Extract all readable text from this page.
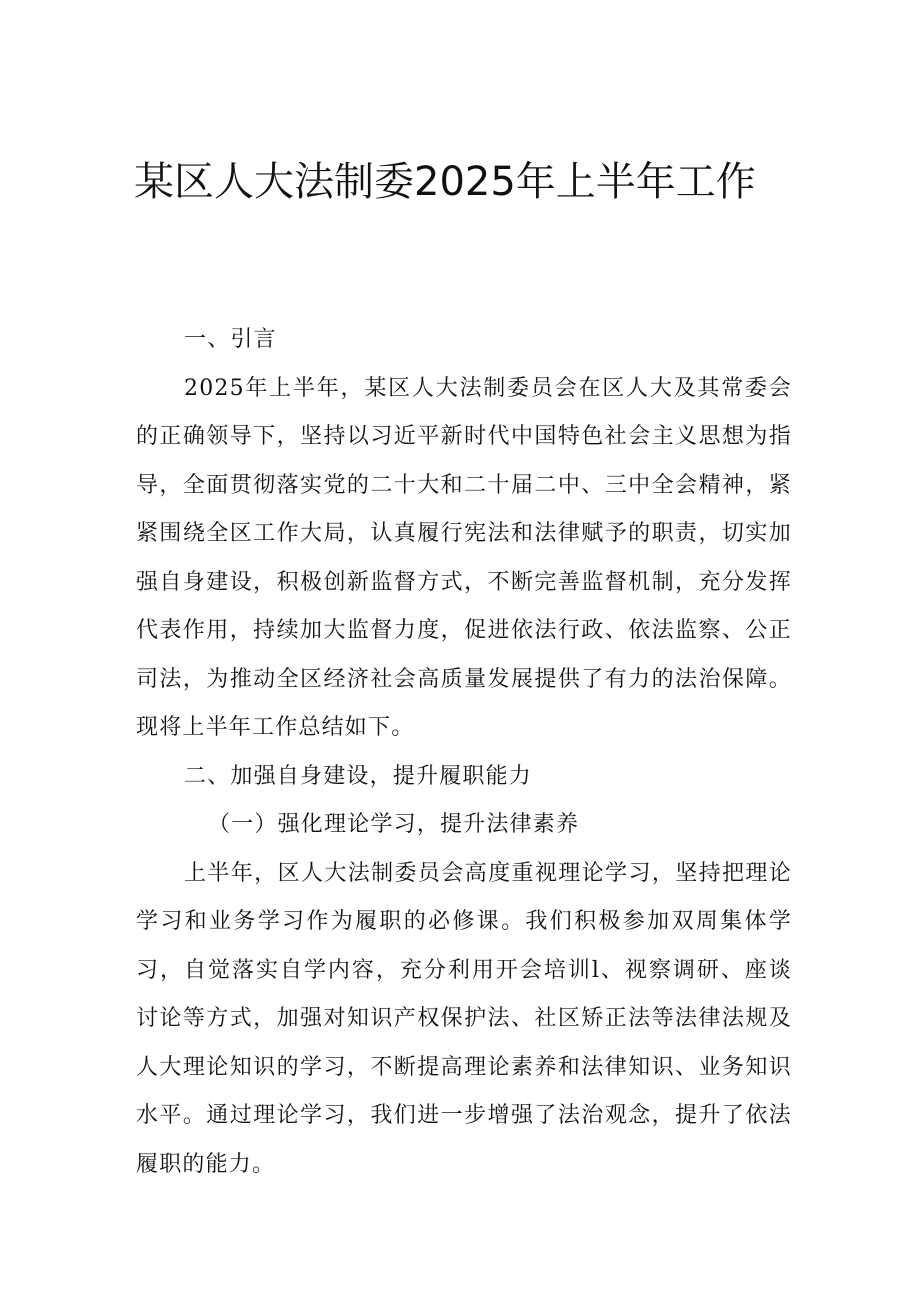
某区人大法制委2025年上半年工作

一、引言

2025年上半年，某区人大法制委员会在区人大及其常委会的正确领导下，坚持以习近平新时代中国特色社会主义思想为指导，全面贯彻落实党的二十大和二十届二中、三中全会精神，紧紧围绕全区工作大局，认真履行宪法和法律赋予的职责，切实加强自身建设，积极创新监督方式，不断完善监督机制，充分发挥代表作用，持续加大监督力度，促进依法行政、依法监察、公正司法，为推动全区经济社会高质量发展提供了有力的法治保障。现将上半年工作总结如下。

二、加强自身建设，提升履职能力

（一）强化理论学习，提升法律素养

上半年，区人大法制委员会高度重视理论学习，坚持把理论学习和业务学习作为履职的必修课。我们积极参加双周集体学习，自觉落实自学内容，充分利用开会培训l、视察调研、座谈讨论等方式，加强对知识产权保护法、社区矫正法等法律法规及人大理论知识的学习，不断提高理论素养和法律知识、业务知识水平。通过理论学习，我们进一步增强了法治观念，提升了依法履职的能力。
